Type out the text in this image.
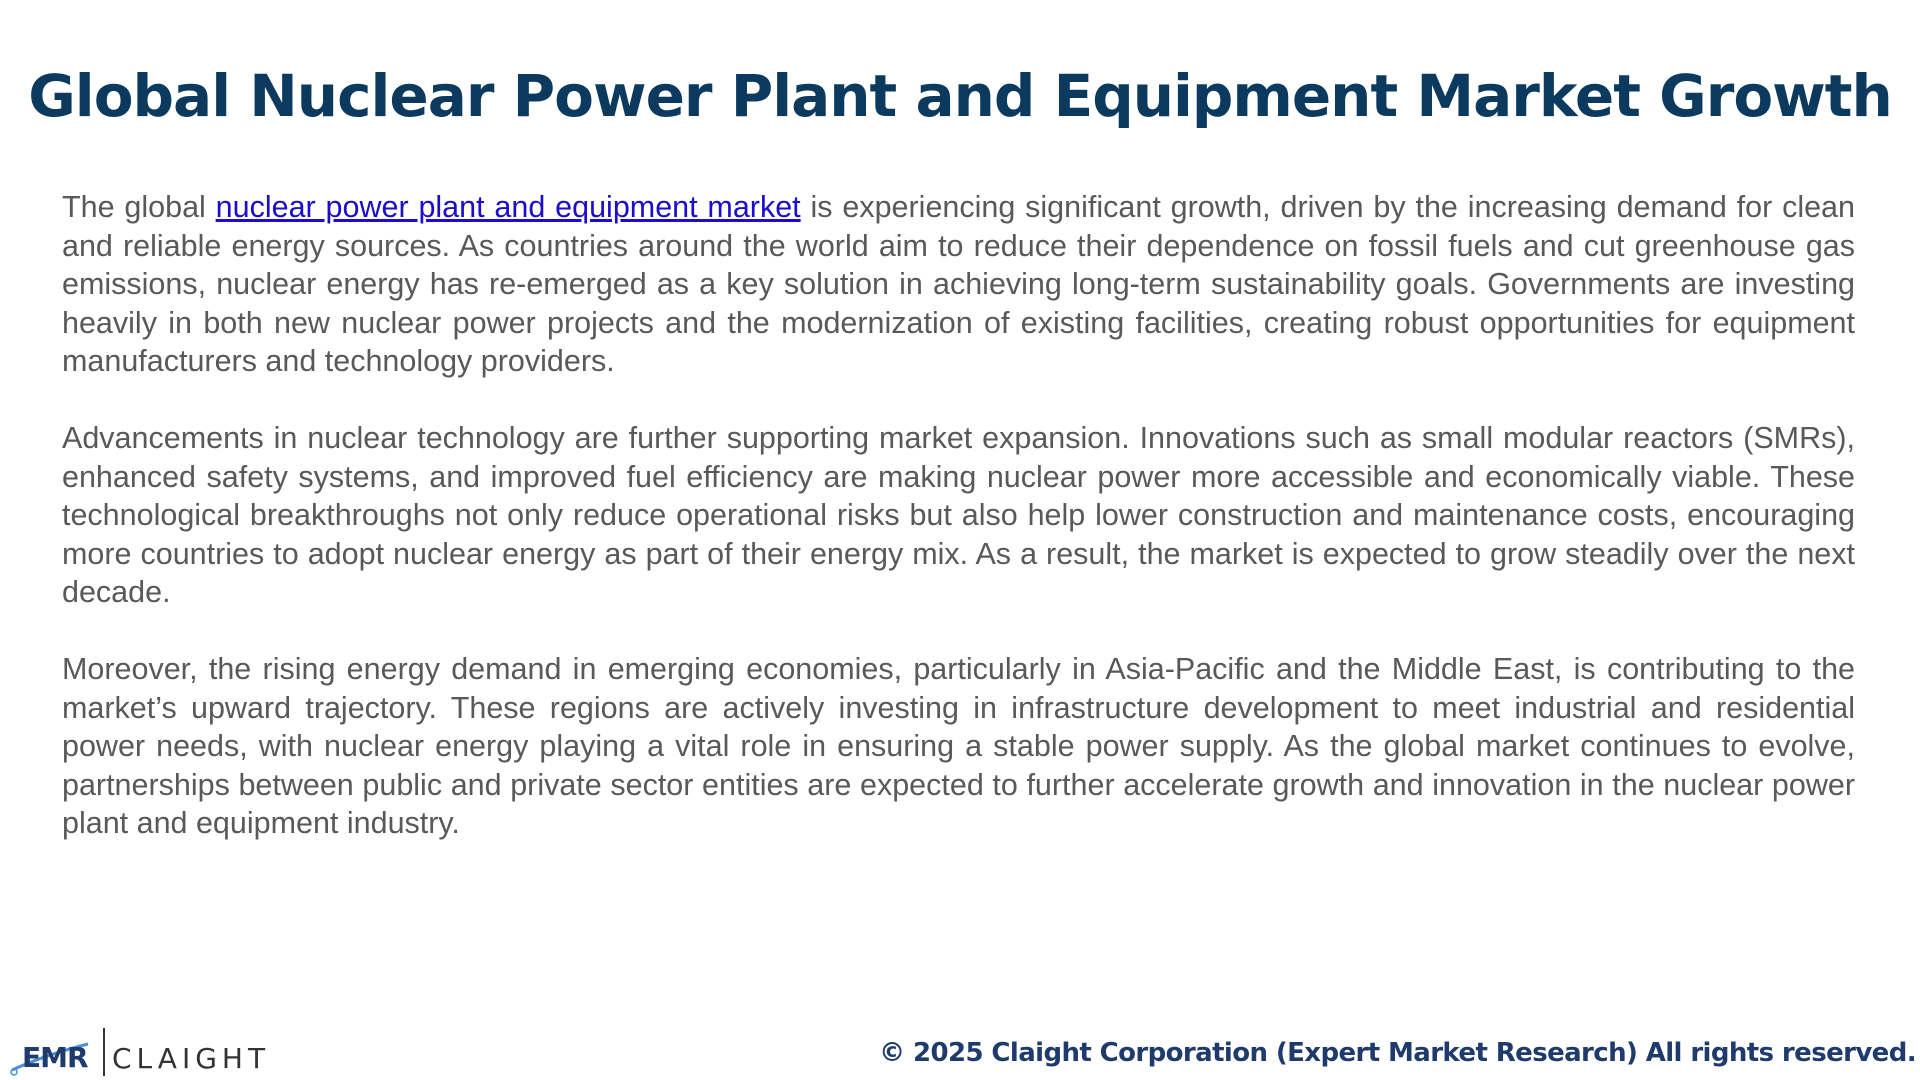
Global Nuclear Power Plant and Equipment Market Growth

The global nuclear power plant and equipment market is experiencing significant growth, driven by the increasing demand for clean and reliable energy sources. As countries around the world aim to reduce their dependence on fossil fuels and cut greenhouse gas emissions, nuclear energy has re-emerged as a key solution in achieving long-term sustainability goals. Governments are investing heavily in both new nuclear power projects and the modernization of existing facilities, creating robust opportunities for equipment manufacturers and technology providers.

Advancements in nuclear technology are further supporting market expansion. Innovations such as small modular reactors (SMRs), enhanced safety systems, and improved fuel efficiency are making nuclear power more accessible and economically viable. These technological breakthroughs not only reduce operational risks but also help lower construction and maintenance costs, encouraging more countries to adopt nuclear energy as part of their energy mix. As a result, the market is expected to grow steadily over the next decade.

Moreover, the rising energy demand in emerging economies, particularly in Asia-Pacific and the Middle East, is contributing to the market’s upward trajectory. These regions are actively investing in infrastructure development to meet industrial and residential power needs, with nuclear energy playing a vital role in ensuring a stable power supply. As the global market continues to evolve, partnerships between public and private sector entities are expected to further accelerate growth and innovation in the nuclear power plant and equipment industry.

EMR CLAIGHT	© 2025 Claight Corporation (Expert Market Research) All rights reserved.
